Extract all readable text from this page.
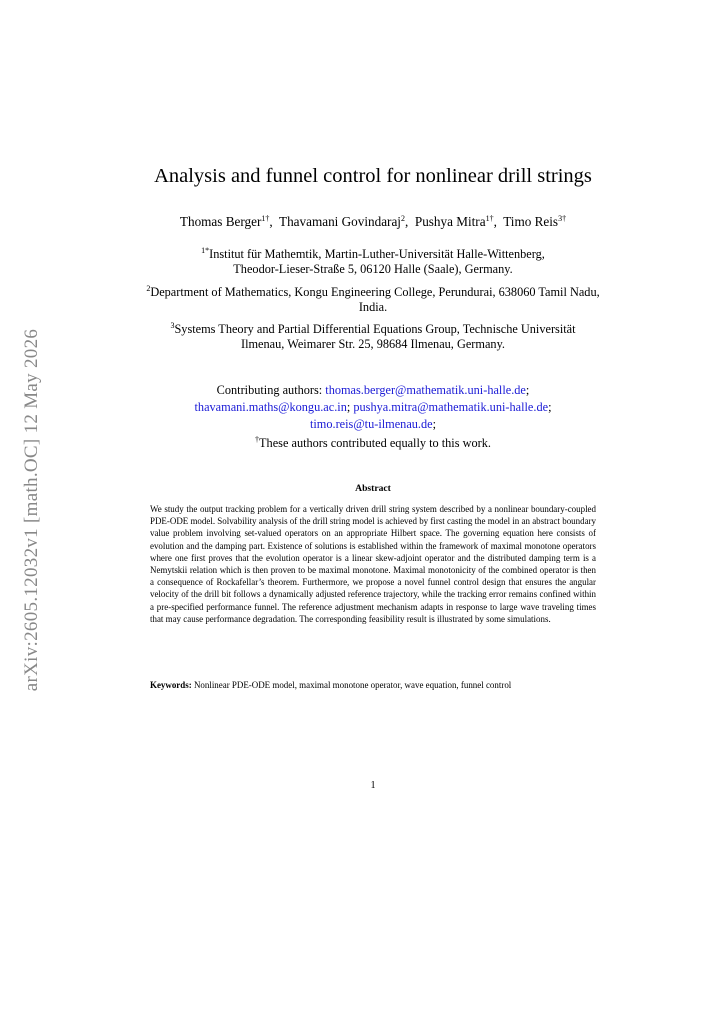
arXiv:2605.12032v1 [math.OC] 12 May 2026
Analysis and funnel control for nonlinear drill strings
Thomas Berger$^{1\dagger}$,  Thavamani Govindaraj$^2$,  Pushya Mitra$^{1\dagger}$,  Timo Reis$^{3\dagger}$
$^{1*}$Institut für Mathemtik, Martin-Luther-Universität Halle-Wittenberg, Theodor-Lieser-Straße 5, 06120 Halle (Saale), Germany.
$^2$Department of Mathematics, Kongu Engineering College, Perundurai, 638060 Tamil Nadu, India.
$^3$Systems Theory and Partial Differential Equations Group, Technische Universität Ilmenau, Weimarer Str. 25, 98684 Ilmenau, Germany.
Contributing authors: thomas.berger@mathematik.uni-halle.de;
thavamani.maths@kongu.ac.in; pushya.mitra@mathematik.uni-halle.de;
timo.reis@tu-ilmenau.de;
†These authors contributed equally to this work.
Abstract
We study the output tracking problem for a vertically driven drill string system described by a nonlinear boundary-coupled PDE-ODE model. Solvability analysis of the drill string model is achieved by first casting the model in an abstract boundary value problem involving set-valued operators on an appropriate Hilbert space. The governing equation here consists of evolution and the damping part. Existence of solutions is established within the framework of maximal monotone operators where one first proves that the evolution operator is a linear skew-adjoint operator and the distributed damping term is a Nemytskii relation which is then proven to be maximal monotone. Maximal monotonicity of the combined operator is then a consequence of Rockafellar’s theorem. Furthermore, we propose a novel funnel control design that ensures the angular velocity of the drill bit follows a dynamically adjusted reference trajectory, while the tracking error remains confined within a pre-specified performance funnel. The reference adjustment mechanism adapts in response to large wave traveling times that may cause performance degradation. The corresponding feasibility result is illustrated by some simulations.
Keywords: Nonlinear PDE-ODE model, maximal monotone operator, wave equation, funnel control
1
